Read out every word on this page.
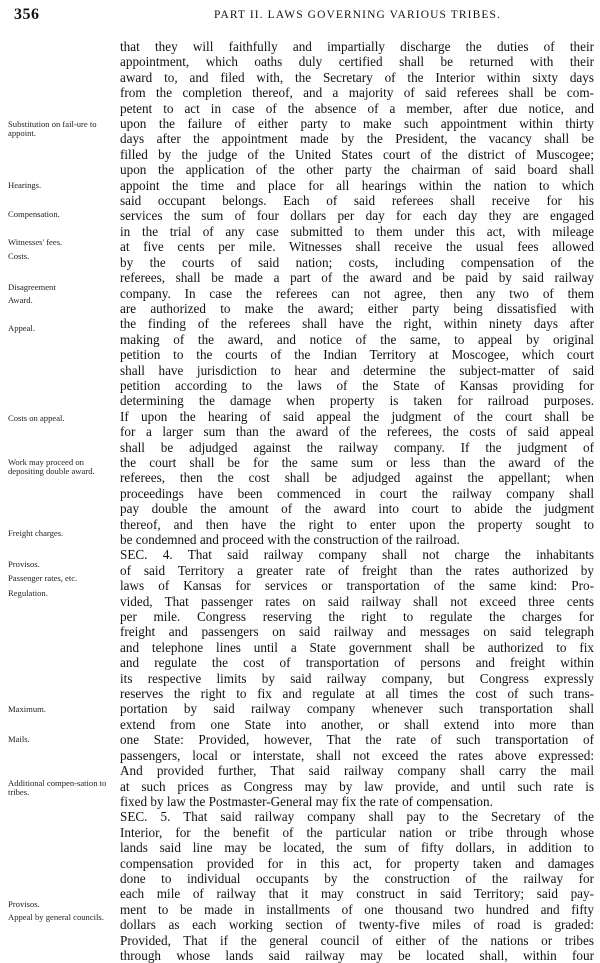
356	PART II. LAWS GOVERNING VARIOUS TRIBES.
Substitution on fail-ure to appoint.
Hearings.
Compensation.
Witnesses' fees.
Costs.
Disagreement
Award.
Appeal.
Costs on appeal.
Work may proceed on depositing double award.
Freight charges.
Provisos.
Passenger rates, etc.
Regulation.
Maximum.
Mails.
Additional compen-sation to tribes.
Provisos.
Appeal by general councils.
that they will faithfully and impartially discharge the duties of their
appointment, which oaths duly certified shall be returned with their
award to, and filed with, the Secretary of the Interior within sixty days
from the completion thereof, and a majority of said referees shall be com-
petent to act in case of the absence of a member, after due notice, and
upon the failure of either party to make such appointment within thirty
days after the appointment made by the President, the vacancy shall be
filled by the judge of the United States court of the district of Muscogee;
upon the application of the other party the chairman of said board shall
appoint the time and place for all hearings within the nation to which
said occupant belongs. Each of said referees shall receive for his
services the sum of four dollars per day for each day they are engaged
in the trial of any case submitted to them under this act, with mileage
at five cents per mile. Witnesses shall receive the usual fees allowed
by the courts of said nation; costs, including compensation of the
referees, shall be made a part of the award and be paid by said railway
company. In case the referees can not agree, then any two of them
are authorized to make the award; either party being dissatisfied with
the finding of the referees shall have the right, within ninety days after
making of the award, and notice of the same, to appeal by original
petition to the courts of the Indian Territory at Moscogee, which court
shall have jurisdiction to hear and determine the subject-matter of said
petition according to the laws of the State of Kansas providing for
determining the damage when property is taken for railroad purposes.
If upon the hearing of said appeal the judgment of the court shall be
for a larger sum than the award of the referees, the costs of said appeal
shall be adjudged against the railway company. If the judgment of
the court shall be for the same sum or less than the award of the
referees, then the cost shall be adjudged against the appellant; when
proceedings have been commenced in court the railway company shall
pay double the amount of the award into court to abide the judgment
thereof, and then have the right to enter upon the property sought to
be condemned and proceed with the construction of the railroad.
SEC. 4. That said railway company shall not charge the inhabitants
of said Territory a greater rate of freight than the rates authorized by
laws of Kansas for services or transportation of the same kind: Pro-
vided, That passenger rates on said railway shall not exceed three cents
per mile. Congress reserving the right to regulate the charges for
freight and passengers on said railway and messages on said telegraph
and telephone lines until a State government shall be authorized to fix
and regulate the cost of transportation of persons and freight within
its respective limits by said railway company, but Congress expressly
reserves the right to fix and regulate at all times the cost of such trans-
portation by said railway company whenever such transportation shall
extend from one State into another, or shall extend into more than
one State: Provided, however, That the rate of such transportation of
passengers, local or interstate, shall not exceed the rates above expressed:
And provided further, That said railway company shall carry the mail
at such prices as Congress may by law provide, and until such rate is
fixed by law the Postmaster-General may fix the rate of compensation.
SEC. 5. That said railway company shall pay to the Secretary of the
Interior, for the benefit of the particular nation or tribe through whose
lands said line may be located, the sum of fifty dollars, in addition to
compensation provided for in this act, for property taken and damages
done to individual occupants by the construction of the railway for
each mile of railway that it may construct in said Territory; said pay-
ment to be made in installments of one thousand two hundred and fifty
dollars as each working section of twenty-five miles of road is graded:
Provided, That if the general council of either of the nations or tribes
through whose lands said railway may be located shall, within four
